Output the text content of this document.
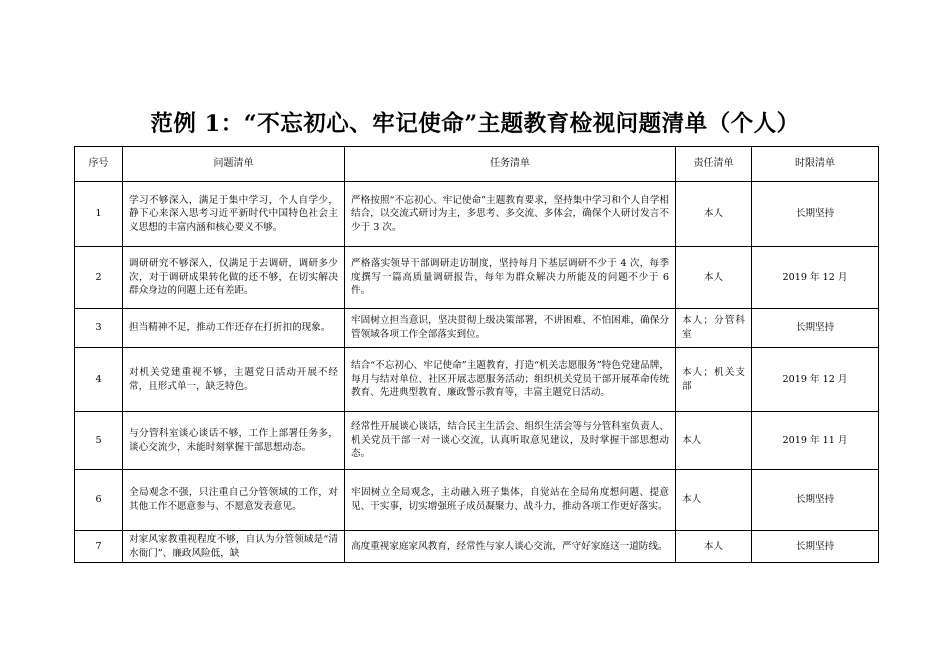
范例 1：“不忘初心、牢记使命”主题教育检视问题清单（个人）
序号	问题清单	任务清单	责任清单	时限清单
1	学习不够深入，满足于集中学习，个人自学少，静下心来深入思考习近平新时代中国特色社会主义思想的丰富内涵和核心要义不够。	严格按照“不忘初心、牢记使命”主题教育要求，坚持集中学习和个人自学相结合，以交流式研讨为主，多思考、多交流、多体会，确保个人研讨发言不少于 3 次。	本人	长期坚持
2	调研研究不够深入，仅满足于去调研，调研多少次，对于调研成果转化做的还不够，在切实解决群众身边的问题上还有差距。	严格落实领导干部调研走访制度，坚持每月下基层调研不少于 4 次，每季度撰写一篇高质量调研报告，每年为群众解决力所能及的问题不少于 6 件。	本人	2019 年 12 月
3	担当精神不足，推动工作还存在打折扣的现象。	牢固树立担当意识，坚决贯彻上级决策部署，不讲困难、不怕困难，确保分管领域各项工作全部落实到位。	本人；分管科室	长期坚持
4	对机关党建重视不够，主题党日活动开展不经常，且形式单一，缺乏特色。	结合“不忘初心、牢记使命”主题教育，打造“机关志愿服务”特色党建品牌，每月与结对单位、社区开展志愿服务活动；组织机关党员干部开展革命传统教育、先进典型教育、廉政警示教育等，丰富主题党日活动。	本人；机关支部	2019 年 12 月
5	与分管科室谈心谈话不够，工作上部署任务多，谈心交流少，未能时刻掌握干部思想动态。	经常性开展谈心谈话，结合民主生活会、组织生活会等与分管科室负责人、机关党员干部一对一谈心交流，认真听取意见建议，及时掌握干部思想动态。	本人	2019 年 11 月
6	全局观念不强，只注重自己分管领域的工作，对其他工作不愿意参与、不愿意发表意见。	牢固树立全局观念，主动融入班子集体，自觉站在全局角度想问题、提意见、干实事，切实增强班子成员凝聚力、战斗力，推动各项工作更好落实。	本人	长期坚持
7	对家风家教重视程度不够，自认为分管领域是“清水衙门”、廉政风险低，缺	高度重视家庭家风教育，经常性与家人谈心交流，严守好家庭这一道防线。	本人	长期坚持
